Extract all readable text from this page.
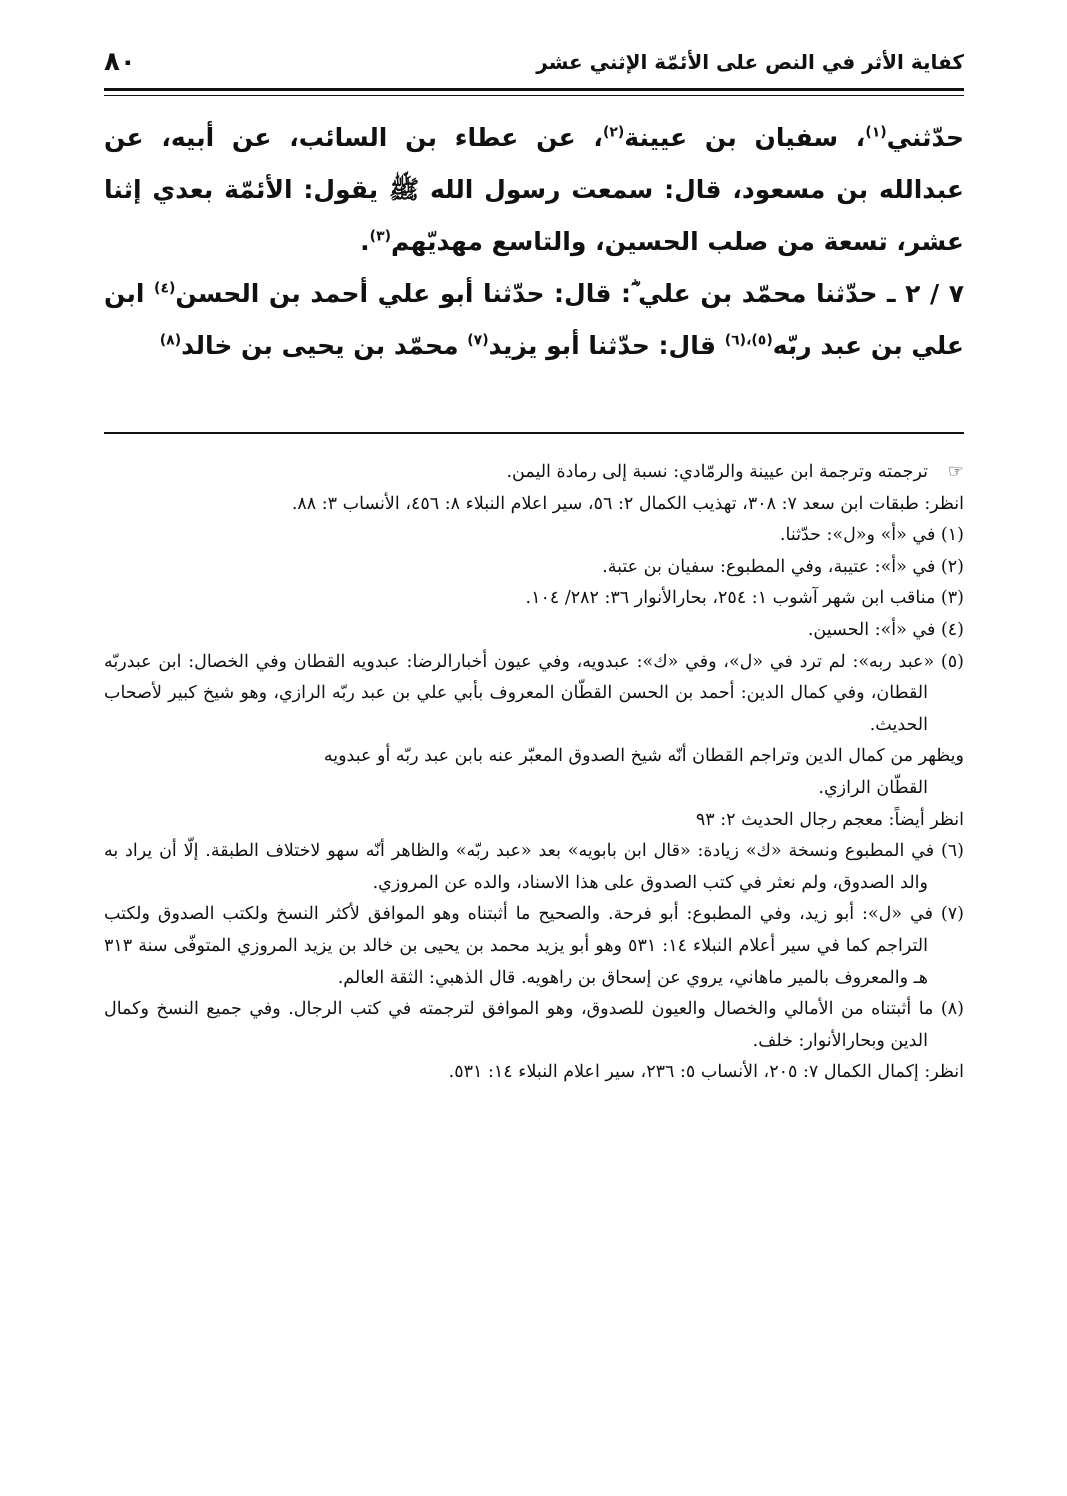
كفاية الأثر في النص على الأئمّة الإثني عشر
٨٠

حدّثني$^{(١)}$، سفيان بن عيينة$^{(٢)}$، عن عطاء بن السائب، عن أبيه، عن عبدالله بن مسعود، قال: سمعت رسول الله ﷺ يقول: الأئمّة بعدي إثنا عشر، تسعة من صلب الحسين، والتاسع مهديّهم$^{(٣)}$.

٧ / ٢ ـ حدّثنا محمّد بن علي ؓ: قال: حدّثنا أبو علي أحمد بن الحسن$^{(٤)}$ ابن علي بن عبد ربّه$^{(٥)،(٦)}$ قال: حدّثنا أبو يزيد$^{(٧)}$ محمّد بن يحيى بن خالد$^{(٨)}$

☞ترجمته وترجمة ابن عيينة والرمّادي: نسبة إلى رمادة اليمن.

انظر: طبقات ابن سعد ٧: ٣٠٨، تهذيب الكمال ٢: ٥٦، سير اعلام النبلاء ٨: ٤٥٦، الأنساب ٣: ٨٨.

(١) في «أ» و«ل»: حدّثنا.

(٢) في «أ»: عتيبة، وفي المطبوع: سفيان بن عتبة.

(٣) مناقب ابن شهر آشوب ١: ٢٥٤، بحارالأنوار ٣٦: ٢٨٢/ ١٠٤.

(٤) في «أ»: الحسين.

(٥) «عبد ربه»: لم ترد في «ل»، وفي «ك»: عبدويه، وفي عيون أخبارالرضا: عبدويه القطان وفي الخصال: ابن عبدربّه القطان، وفي كمال الدين: أحمد بن الحسن القطّان المعروف بأبي علي بن عبد ربّه الرازي، وهو شيخ كبير لأصحاب الحديث.

ويظهر من كمال الدين وتراجم القطان أنّه شيخ الصدوق المعبّر عنه بابن عبد ربّه أو عبدويه

القطّان الرازي.

انظر أيضاً: معجم رجال الحديث ٢: ٩٣

(٦) في المطبوع ونسخة «ك» زيادة: «قال ابن بابويه» بعد «عبد ربّه» والظاهر أنّه سهو لاختلاف الطبقة. إلّا أن يراد به والد الصدوق، ولم نعثر في كتب الصدوق على هذا الاسناد، والده عن المروزي.

(٧) في «ل»: أبو زيد، وفي المطبوع: أبو فرحة. والصحيح ما أثبتناه وهو الموافق لأكثر النسخ ولكتب الصدوق ولكتب التراجم كما في سير أعلام النبلاء ١٤: ٥٣١ وهو أبو يزيد محمد بن يحيى بن خالد بن يزيد المروزي المتوفّى سنة ٣١٣ هـ والمعروف بالمير ماهاني، يروي عن إسحاق بن راهويه. قال الذهبي: الثقة العالم.

(٨) ما أثبتناه من الأمالي والخصال والعيون للصدوق، وهو الموافق لترجمته في كتب الرجال. وفي جميع النسخ وكمال الدين وبحارالأنوار: خلف.

انظر: إكمال الكمال ٧: ٢٠٥، الأنساب ٥: ٢٣٦، سير اعلام النبلاء ١٤: ٥٣١.
